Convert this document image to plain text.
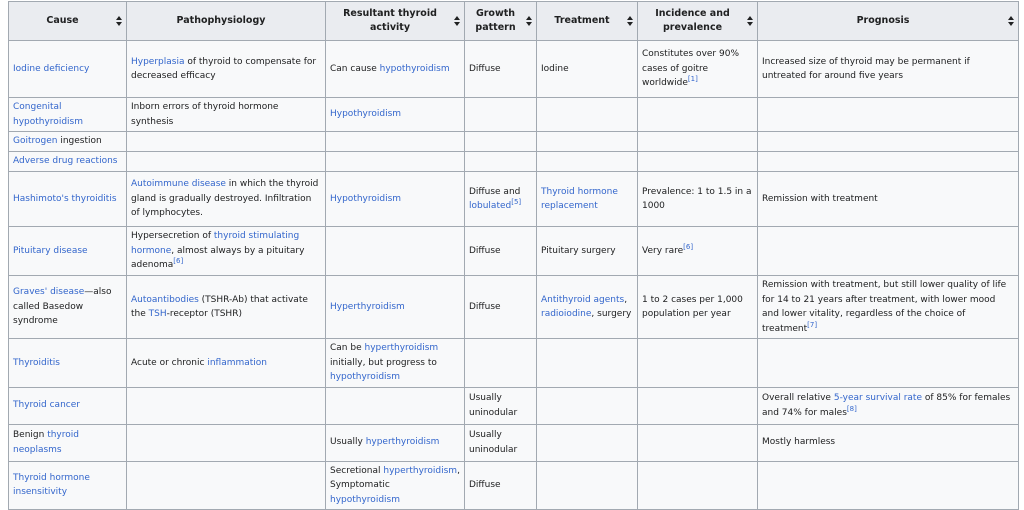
Cause	Pathophysiology	Resultant thyroid activity	Growth pattern	Treatment	Incidence and prevalence	Prognosis

Iodine deficiency	Hyperplasia of thyroid to compensate for decreased efficacy	Can cause hypothyroidism	Diffuse	Iodine	Constitutes over 90% cases of goitre worldwide[1]	Increased size of thyroid may be permanent if untreated for around five years
Congenital hypothyroidism	Inborn errors of thyroid hormone synthesis	Hypothyroidism				
Goitrogen ingestion						
Adverse drug reactions						
Hashimoto's thyroiditis	Autoimmune disease in which the thyroid gland is gradually destroyed. Infiltration of lymphocytes.	Hypothyroidism	Diffuse and lobulated[5]	Thyroid hormone replacement	Prevalence: 1 to 1.5 in a 1000	Remission with treatment
Pituitary disease	Hypersecretion of thyroid stimulating hormone, almost always by a pituitary adenoma[6]		Diffuse	Pituitary surgery	Very rare[6]	
Graves' disease—also called Basedow syndrome	Autoantibodies (TSHR-Ab) that activate the TSH-receptor (TSHR)	Hyperthyroidism	Diffuse	Antithyroid agents, radioiodine, surgery	1 to 2 cases per 1,000 population per year	Remission with treatment, but still lower quality of life for 14 to 21 years after treatment, with lower mood and lower vitality, regardless of the choice of treatment[7]
Thyroiditis	Acute or chronic inflammation	Can be hyperthyroidism initially, but progress to hypothyroidism				
Thyroid cancer			Usually uninodular			Overall relative 5-year survival rate of 85% for females and 74% for males[8]
Benign thyroid neoplasms		Usually hyperthyroidism	Usually uninodular			Mostly harmless
Thyroid hormone insensitivity		Secretional hyperthyroidism, Symptomatic hypothyroidism	Diffuse			
